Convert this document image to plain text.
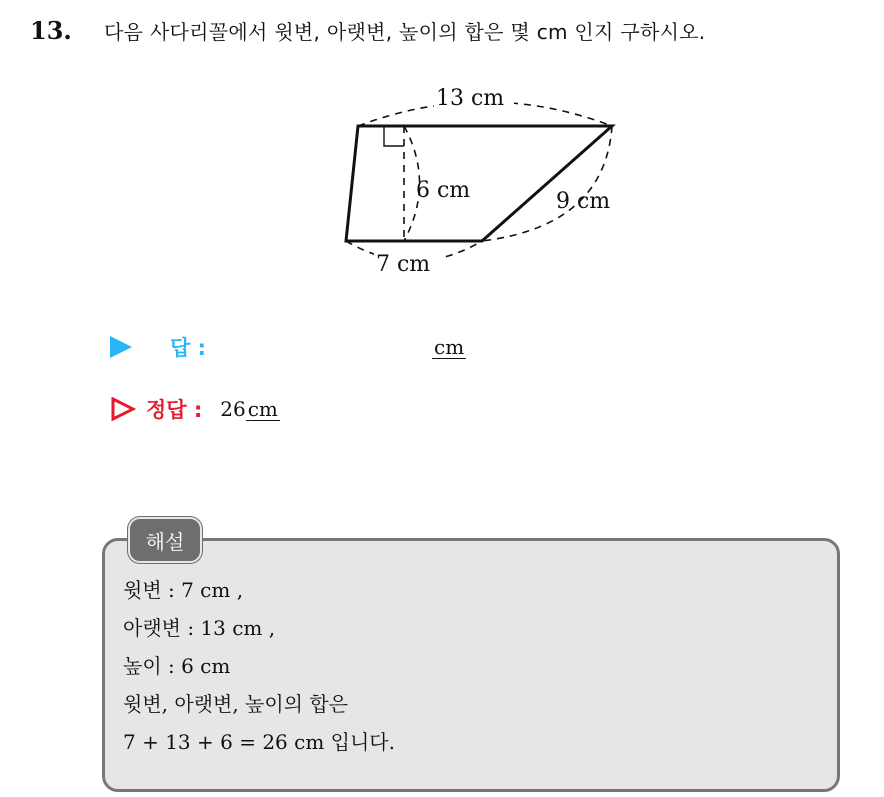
13.	다음 사다리꼴에서 윗변, 아랫변, 높이의 합은 몇 cm 인지 구하시오.
13 cm
6 cm	9 cm
7 cm
답 :	cm
정답 : 26 cm
해설
윗변 : 7 cm ,
아랫변 : 13 cm ,
높이 : 6 cm
윗변, 아랫변, 높이의 합은
7 + 13 + 6 = 26 cm 입니다.
